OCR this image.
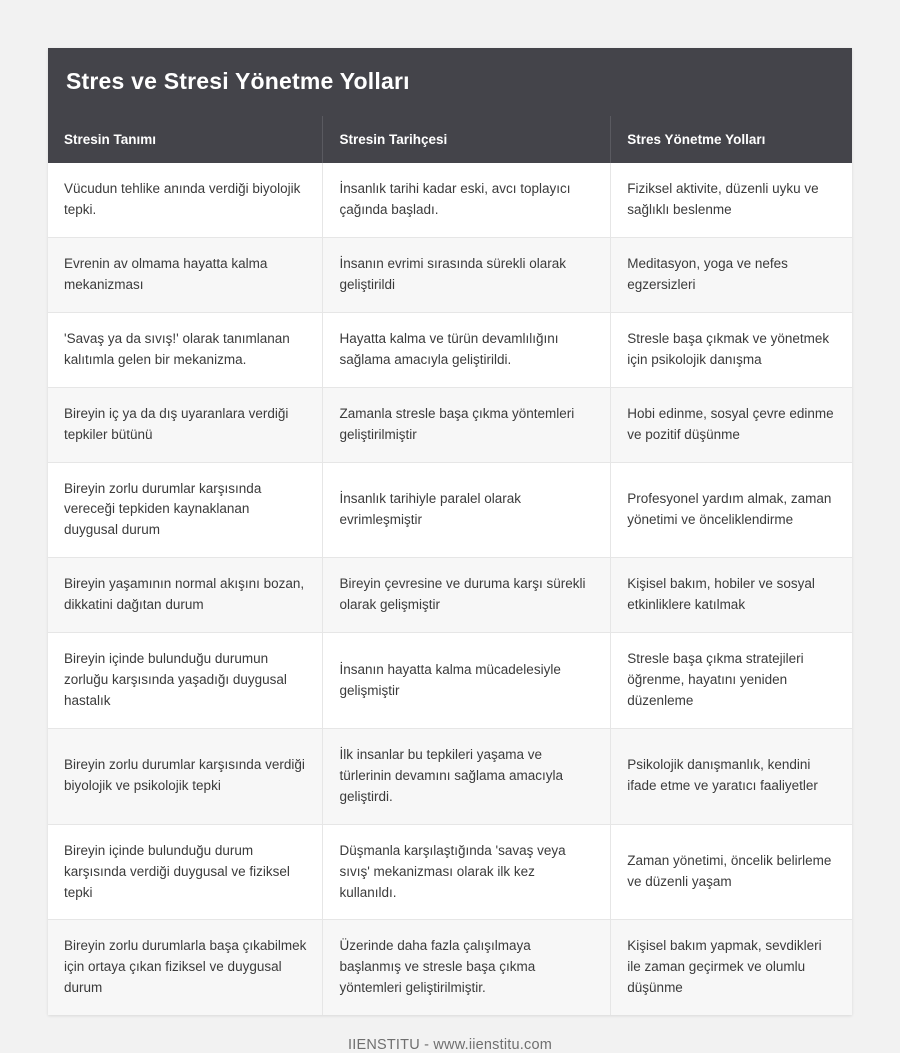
Stres ve Stresi Yönetme Yolları
Stresin Tanımı	Stresin Tarihçesi	Stres Yönetme Yolları
Vücudun tehlike anında verdiği biyolojik tepki.	İnsanlık tarihi kadar eski, avcı toplayıcı çağında başladı.	Fiziksel aktivite, düzenli uyku ve sağlıklı beslenme
Evrenin av olmama hayatta kalma mekanizması	İnsanın evrimi sırasında sürekli olarak geliştirildi	Meditasyon, yoga ve nefes egzersizleri
'Savaş ya da sıvış!' olarak tanımlanan kalıtımla gelen bir mekanizma.	Hayatta kalma ve türün devamlılığını sağlama amacıyla geliştirildi.	Stresle başa çıkmak ve yönetmek için psikolojik danışma
Bireyin iç ya da dış uyaranlara verdiği tepkiler bütünü	Zamanla stresle başa çıkma yöntemleri geliştirilmiştir	Hobi edinme, sosyal çevre edinme ve pozitif düşünme
Bireyin zorlu durumlar karşısında vereceği tepkiden kaynaklanan duygusal durum	İnsanlık tarihiyle paralel olarak evrimleşmiştir	Profesyonel yardım almak, zaman yönetimi ve önceliklendirme
Bireyin yaşamının normal akışını bozan, dikkatini dağıtan durum	Bireyin çevresine ve duruma karşı sürekli olarak gelişmiştir	Kişisel bakım, hobiler ve sosyal etkinliklere katılmak
Bireyin içinde bulunduğu durumun zorluğu karşısında yaşadığı duygusal hastalık	İnsanın hayatta kalma mücadelesiyle gelişmiştir	Stresle başa çıkma stratejileri öğrenme, hayatını yeniden düzenleme
Bireyin zorlu durumlar karşısında verdiği biyolojik ve psikolojik tepki	İlk insanlar bu tepkileri yaşama ve türlerinin devamını sağlama amacıyla geliştirdi.	Psikolojik danışmanlık, kendini ifade etme ve yaratıcı faaliyetler
Bireyin içinde bulunduğu durum karşısında verdiği duygusal ve fiziksel tepki	Düşmanla karşılaştığında 'savaş veya sıvış' mekanizması olarak ilk kez kullanıldı.	Zaman yönetimi, öncelik belirleme ve düzenli yaşam
Bireyin zorlu durumlarla başa çıkabilmek için ortaya çıkan fiziksel ve duygusal durum	Üzerinde daha fazla çalışılmaya başlanmış ve stresle başa çıkma yöntemleri geliştirilmiştir.	Kişisel bakım yapmak, sevdikleri ile zaman geçirmek ve olumlu düşünme
IIENSTITU - www.iienstitu.com
